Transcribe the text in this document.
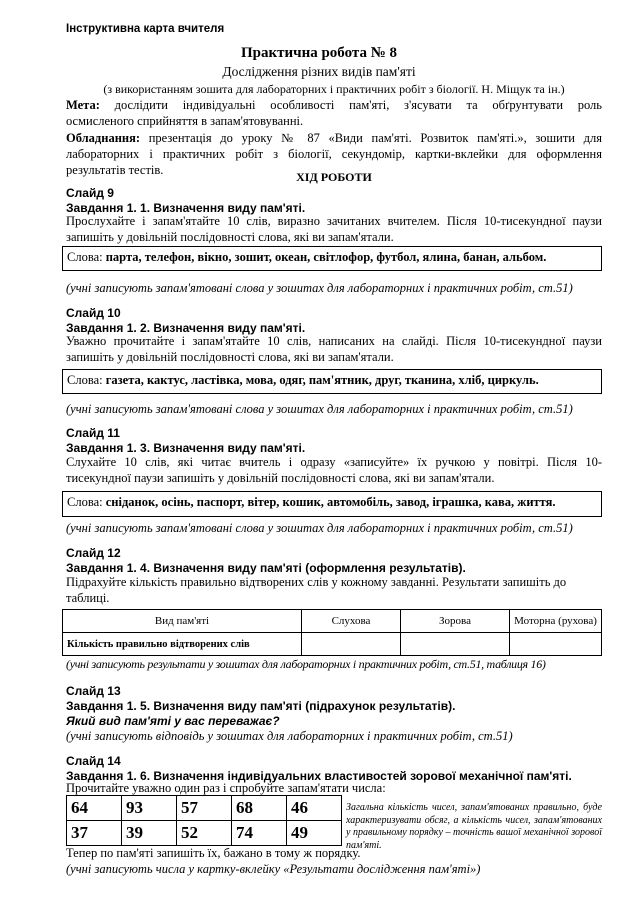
Інструктивна карта вчителя
Практична робота № 8
Дослідження різних видів пам'яті
(з використанням зошита для лабораторних і практичних робіт з біології. Н. Міщук та ін.)
Мета: дослідити індивідуальні особливості пам'яті, з'ясувати та обґрунтувати роль
осмисленого сприйняття в запам'ятовуванні.
Обладнання: презентація до уроку № 87 «Види пам'яті. Розвиток пам'яті.», зошити для
лабораторних і практичних робіт з біології, секундомір, картки-вклейки для оформлення
результатів тестів.	ХІД РОБОТИ
Слайд 9
Завдання 1. 1. Визначення виду пам'яті.
Прослухайте і запам'ятайте 10 слів, виразно зачитаних вчителем. Після 10-тисекундної паузи
запишіть у довільній послідовності слова, які ви запам'ятали.
Слова: парта, телефон, вікно, зошит, океан, світлофор, футбол, ялина, банан, альбом.
(учні записують запам'ятовані слова у зошитах для лабораторних і практичних робіт, ст.51)
Слайд 10
Завдання 1. 2. Визначення виду пам'яті.
Уважно прочитайте і запам'ятайте 10 слів, написаних на слайді. Після 10-тисекундної паузи
запишіть у довільній послідовності слова, які ви запам'ятали.
Слова: газета, кактус, ластівка, мова, одяг, пам'ятник, друг, тканина, хліб, циркуль.
(учні записують запам'ятовані слова у зошитах для лабораторних і практичних робіт, ст.51)
Слайд 11
Завдання 1. 3. Визначення виду пам'яті.
Слухайте 10 слів, які читає вчитель і одразу «записуйте» їх ручкою у повітрі. Після 10-
тисекундної паузи запишіть у довільній послідовності слова, які ви запам'ятали.
Слова: сніданок, осінь, паспорт, вітер, кошик, автомобіль, завод, іграшка, кава, життя.
(учні записують запам'ятовані слова у зошитах для лабораторних і практичних робіт, ст.51)
Слайд 12
Завдання 1. 4. Визначення виду пам'яті (оформлення результатів).
Підрахуйте кількість правильно відтворених слів у кожному завданні. Результати запишіть до
таблиці.
Вид пам'яті	Слухова	Зорова	Моторна (рухова)
Кількість правильно відтворених слів			
(учні записують результати у зошитах для лабораторних і практичних робіт, ст.51, таблиця 16)
Слайд 13
Завдання 1. 5. Визначення виду пам'яті (підрахунок результатів).
Який вид пам'яті у вас переважає?
(учні записують відповідь у зошитах для лабораторних і практичних робіт, ст.51)
Слайд 14
Завдання 1. 6. Визначення індивідуальних властивостей зорової механічної пам'яті.
Прочитайте уважно один раз і спробуйте запам'ятати числа:
64	93	57	68	46
37	39	52	74	49
Загальна кількість чисел, запам'ятованих правильно, буде характеризувати обсяг, а кількість чисел, запам'ятованих у правильному порядку – точність вашої механічної зорової пам'яті.
Тепер по пам'яті запишіть їх, бажано в тому ж порядку.
(учні записують числа у картку-вклейку «Результати дослідження пам'яті»)
